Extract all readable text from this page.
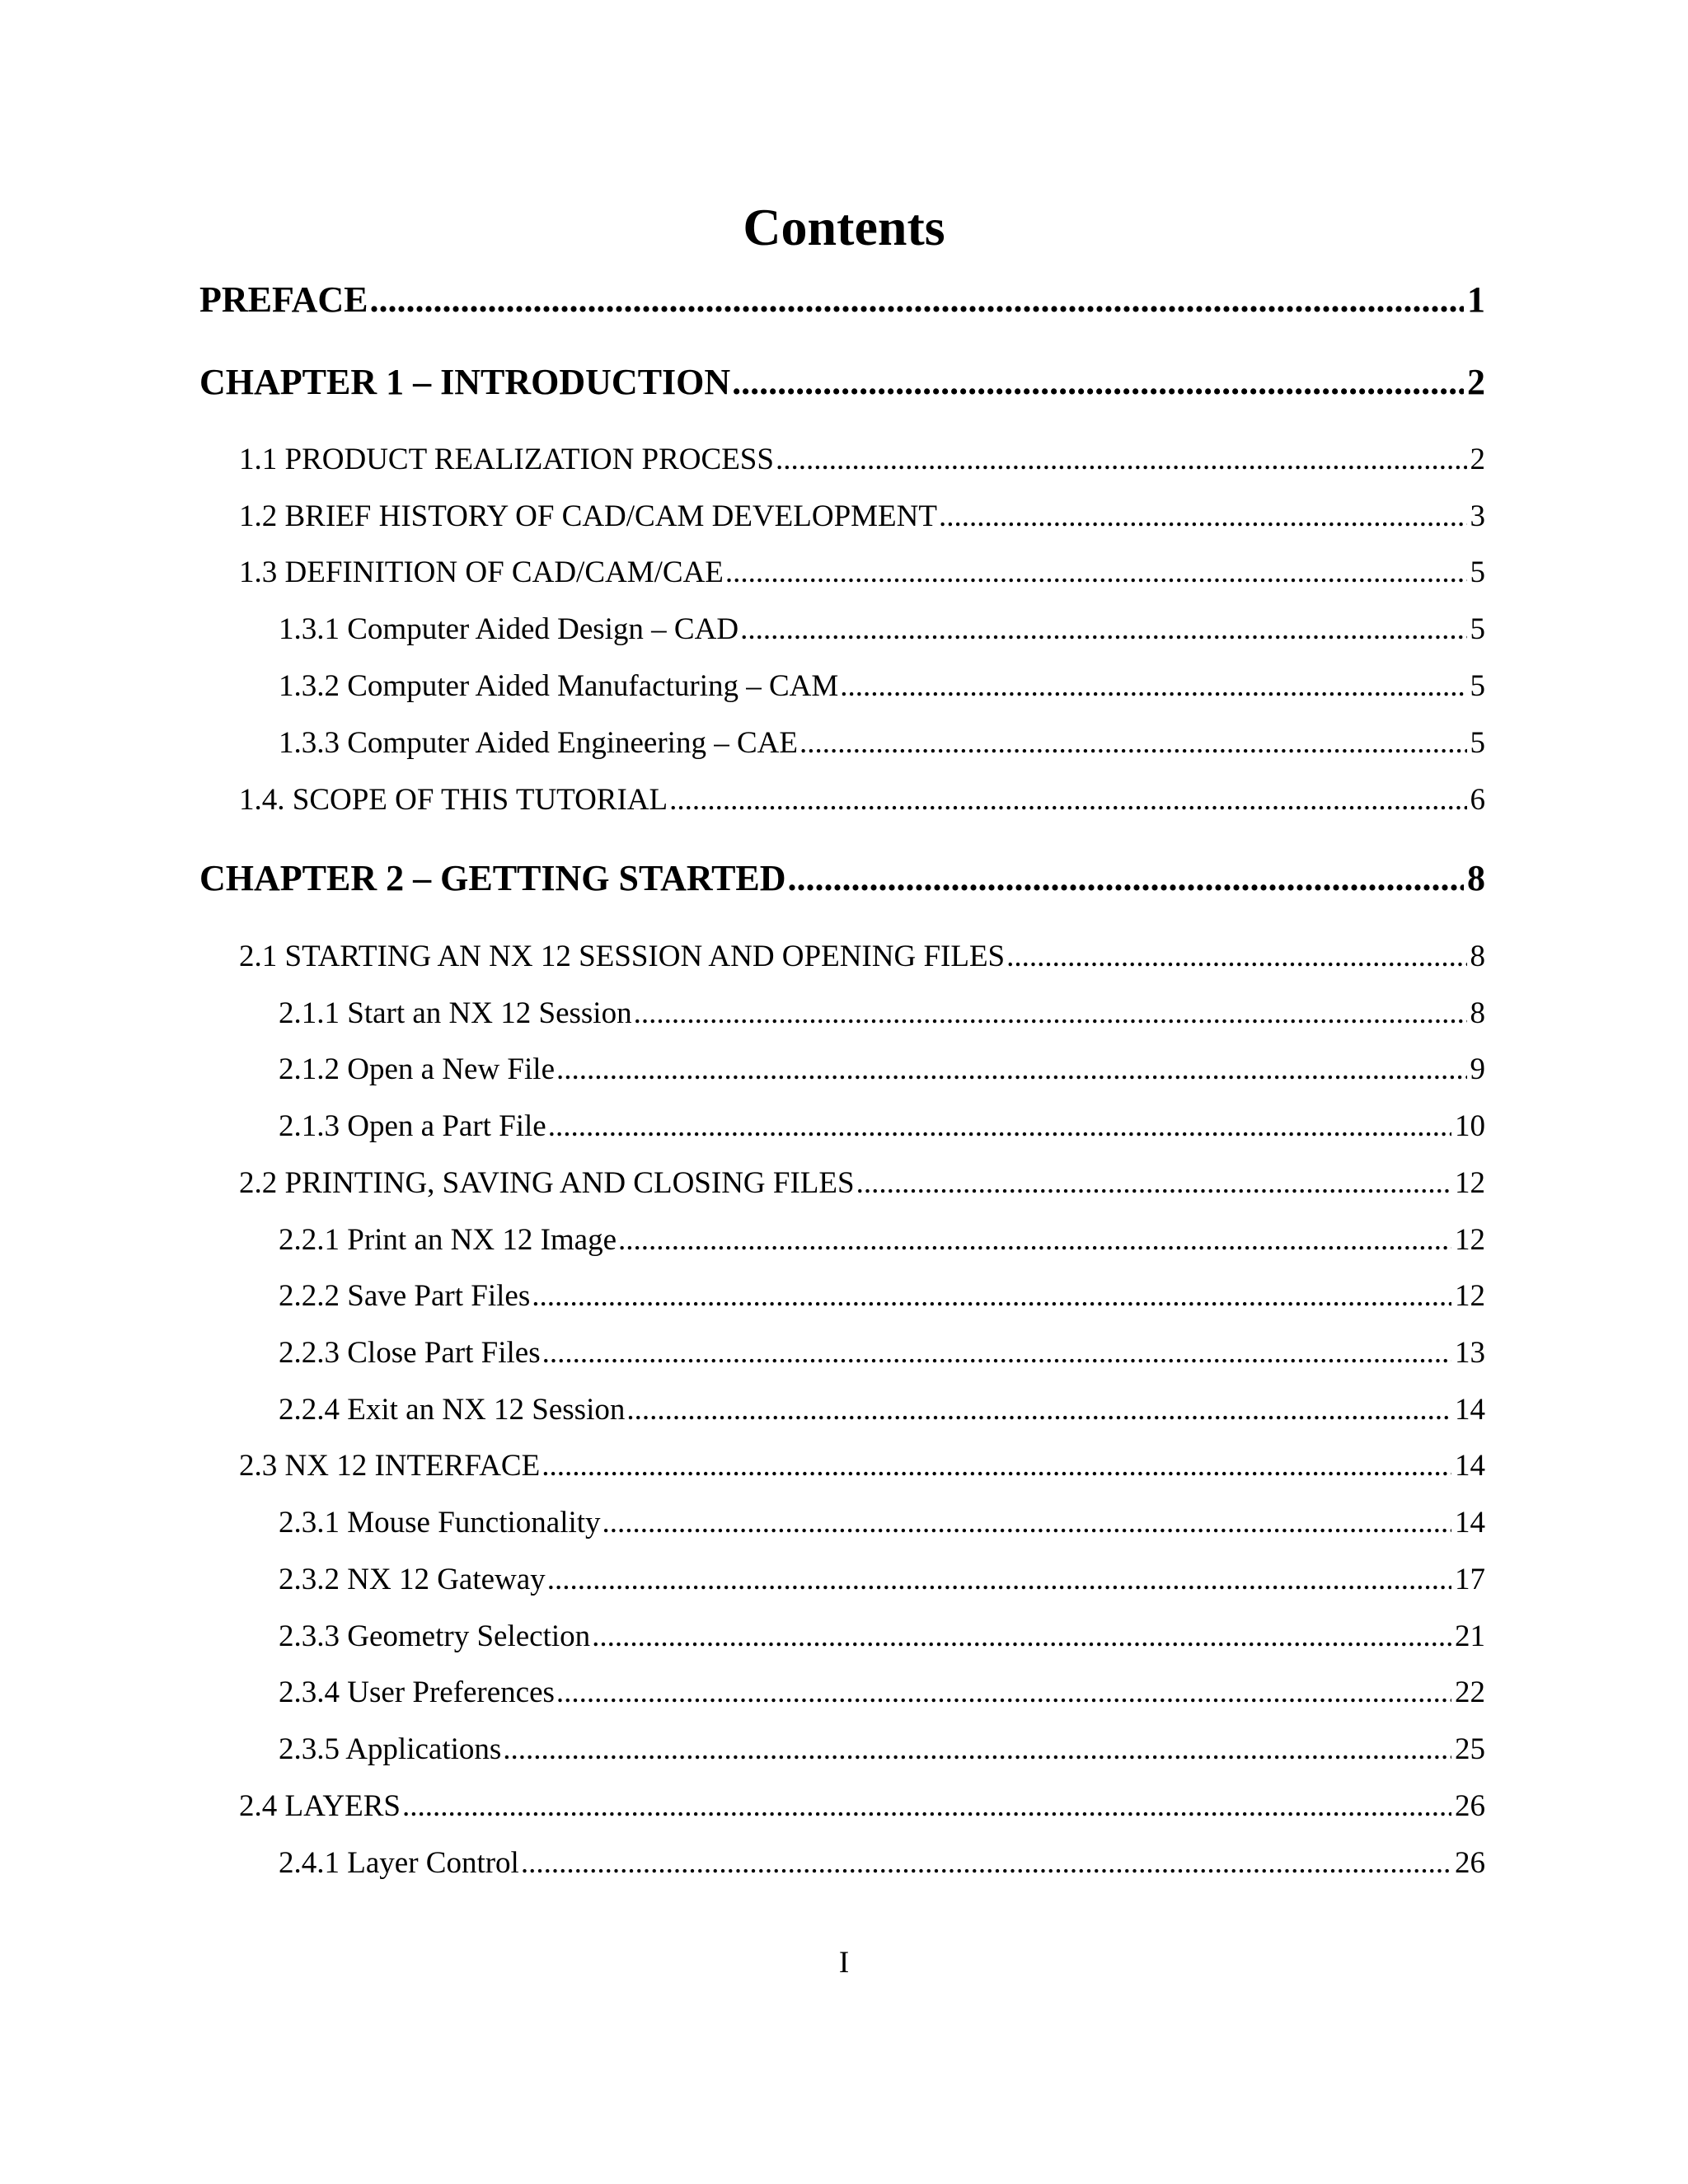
Contents
PREFACE .....	1
CHAPTER 1 – INTRODUCTION .....	2
1.1 PRODUCT REALIZATION PROCESS .....	2
1.2 BRIEF HISTORY OF CAD/CAM DEVELOPMENT .....	3
1.3 DEFINITION OF CAD/CAM/CAE .....	5
1.3.1 Computer Aided Design – CAD .....	5
1.3.2 Computer Aided Manufacturing – CAM .....	5
1.3.3 Computer Aided Engineering – CAE .....	5
1.4. SCOPE OF THIS TUTORIAL .....	6
CHAPTER 2 – GETTING STARTED .....	8
2.1 STARTING AN NX 12 SESSION AND OPENING FILES .....	8
2.1.1 Start an NX 12 Session .....	8
2.1.2 Open a New File .....	9
2.1.3 Open a Part File .....	10
2.2 PRINTING, SAVING AND CLOSING FILES .....	12
2.2.1 Print an NX 12 Image .....	12
2.2.2 Save Part Files .....	12
2.2.3 Close Part Files .....	13
2.2.4 Exit an NX 12 Session .....	14
2.3 NX 12 INTERFACE .....	14
2.3.1 Mouse Functionality .....	14
2.3.2 NX 12 Gateway .....	17
2.3.3 Geometry Selection .....	21
2.3.4 User Preferences .....	22
2.3.5 Applications .....	25
2.4 LAYERS .....	26
2.4.1 Layer Control .....	26
I
